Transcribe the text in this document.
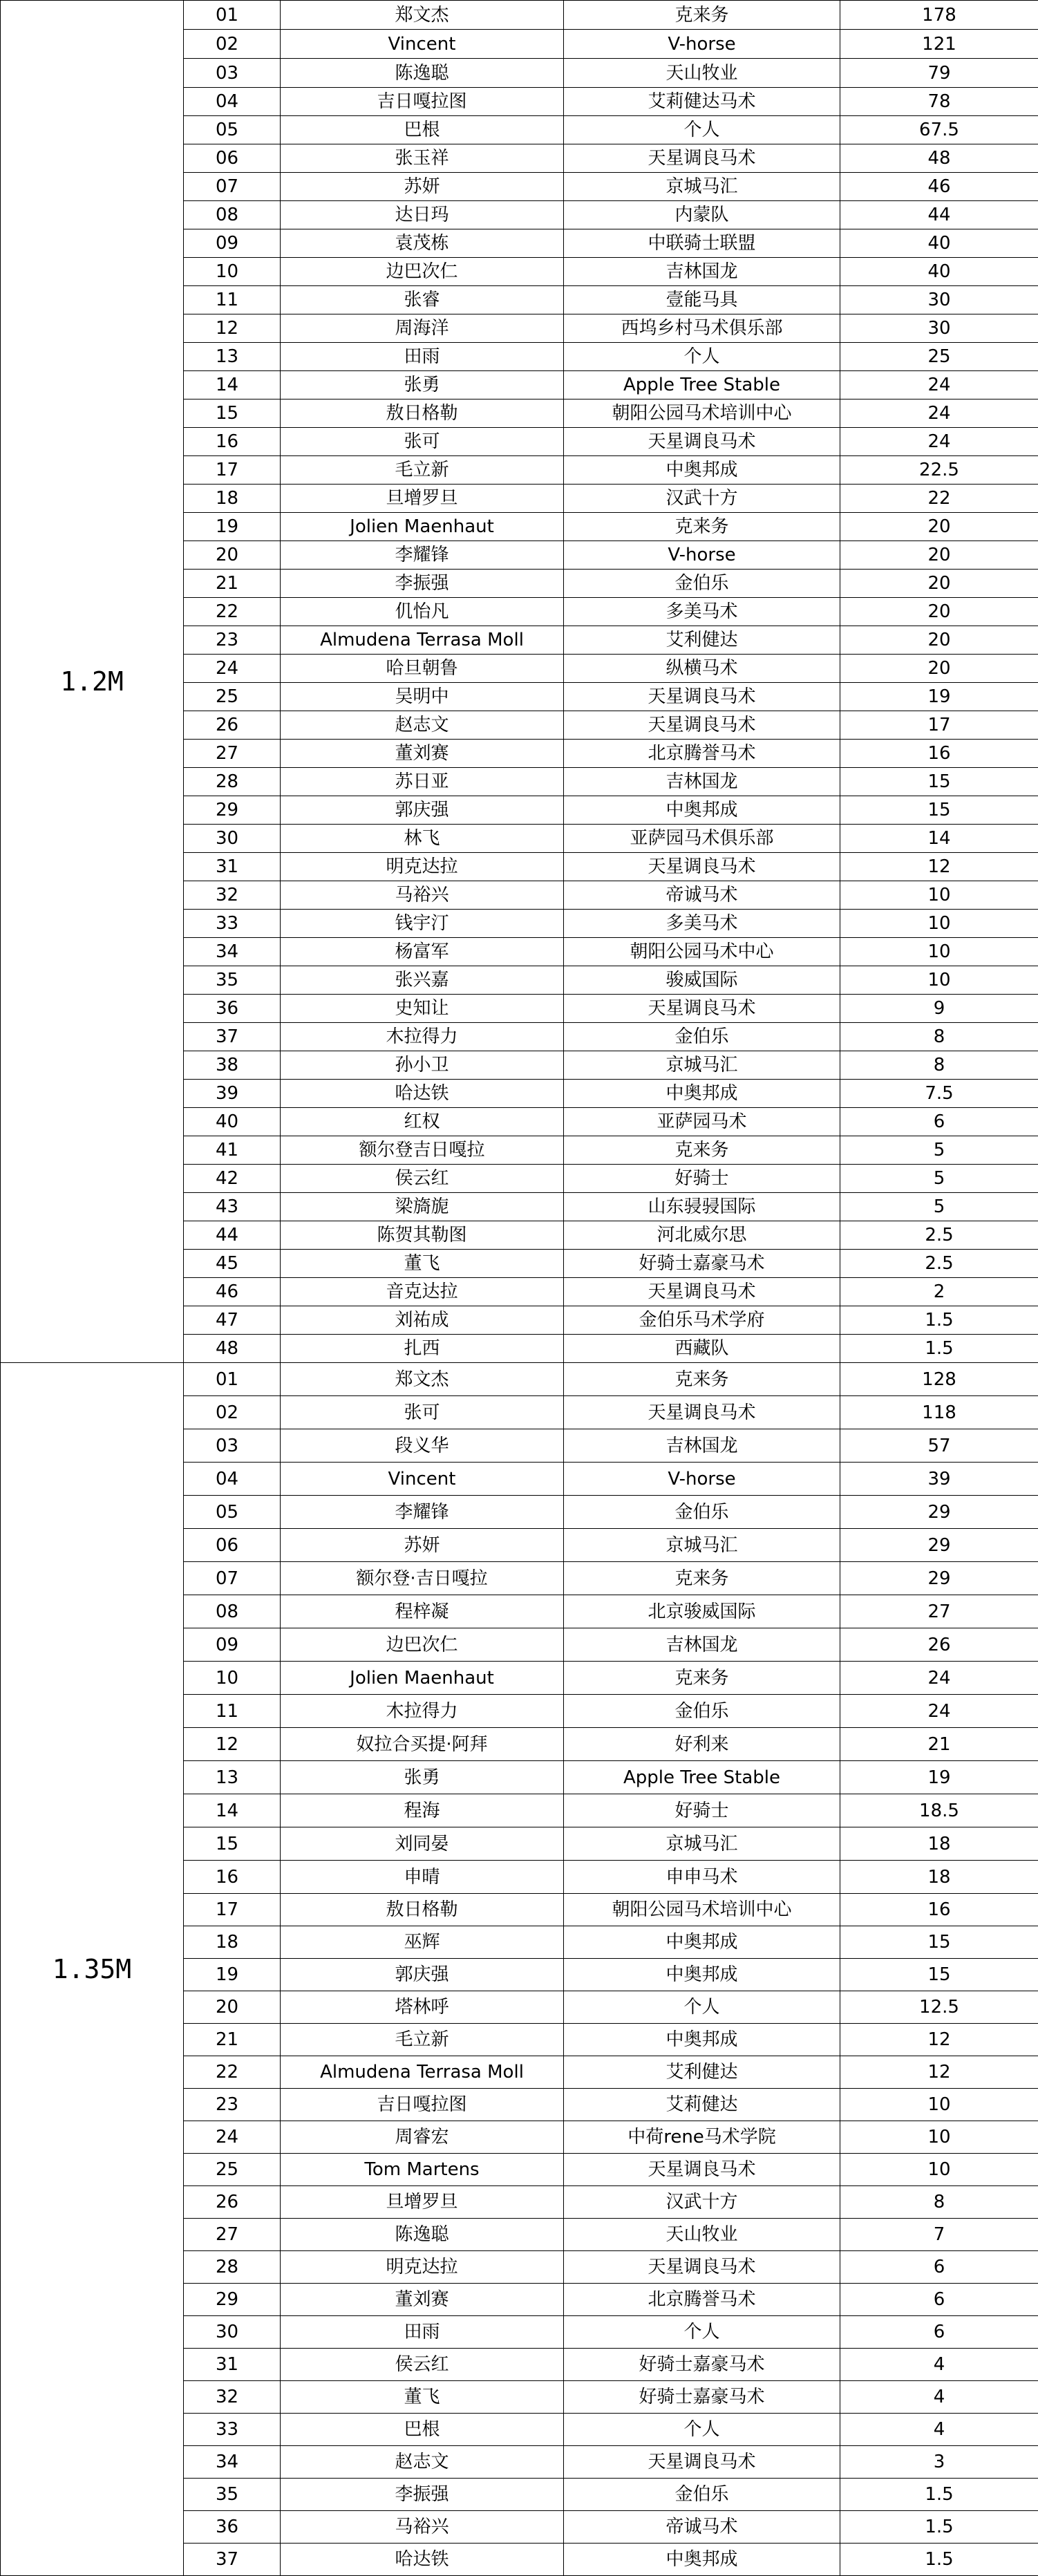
1.2M	01	郑文杰	克来务	178
	02	Vincent	V-horse	121
	03	陈逸聪	天山牧业	79
	04	吉日嘎拉图	艾莉健达马术	78
	05	巴根	个人	67.5
	06	张玉祥	天星调良马术	48
	07	苏妍	京城马汇	46
	08	达日玛	内蒙队	44
	09	袁茂栋	中联骑士联盟	40
	10	边巴次仁	吉林国龙	40
	11	张睿	壹能马具	30
	12	周海洋	西坞乡村马术俱乐部	30
	13	田雨	个人	25
	14	张勇	Apple Tree Stable	24
	15	敖日格勒	朝阳公园马术培训中心	24
	16	张可	天星调良马术	24
	17	毛立新	中奥邦成	22.5
	18	旦增罗旦	汉武十方	22
	19	Jolien Maenhaut	克来务	20
	20	李耀锋	V-horse	20
	21	李振强	金伯乐	20
	22	仉怡凡	多美马术	20
	23	Almudena Terrasa Moll	艾利健达	20
	24	哈旦朝鲁	纵横马术	20
	25	吴明中	天星调良马术	19
	26	赵志文	天星调良马术	17
	27	董刘赛	北京腾誉马术	16
	28	苏日亚	吉林国龙	15
	29	郭庆强	中奥邦成	15
	30	林飞	亚萨园马术俱乐部	14
	31	明克达拉	天星调良马术	12
	32	马裕兴	帝诚马术	10
	33	钱宇汀	多美马术	10
	34	杨富军	朝阳公园马术中心	10
	35	张兴嘉	骏威国际	10
	36	史知让	天星调良马术	9
	37	木拉得力	金伯乐	8
	38	孙小卫	京城马汇	8
	39	哈达铁	中奥邦成	7.5
	40	红权	亚萨园马术	6
	41	额尔登吉日嘎拉	克来务	5
	42	侯云红	好骑士	5
	43	梁旖旎	山东骎骎国际	5
	44	陈贺其勒图	河北威尔思	2.5
	45	董飞	好骑士嘉豪马术	2.5
	46	音克达拉	天星调良马术	2
	47	刘祐成	金伯乐马术学府	1.5
	48	扎西	西藏队	1.5
1.35M	01	郑文杰	克来务	128
	02	张可	天星调良马术	118
	03	段义华	吉林国龙	57
	04	Vincent	V-horse	39
	05	李耀锋	金伯乐	29
	06	苏妍	京城马汇	29
	07	额尔登·吉日嘎拉	克来务	29
	08	程梓凝	北京骏威国际	27
	09	边巴次仁	吉林国龙	26
	10	Jolien Maenhaut	克来务	24
	11	木拉得力	金伯乐	24
	12	奴拉合买提·阿拜	好利来	21
	13	张勇	Apple Tree Stable	19
	14	程海	好骑士	18.5
	15	刘同晏	京城马汇	18
	16	申晴	申申马术	18
	17	敖日格勒	朝阳公园马术培训中心	16
	18	巫辉	中奥邦成	15
	19	郭庆强	中奥邦成	15
	20	塔林呼	个人	12.5
	21	毛立新	中奥邦成	12
	22	Almudena Terrasa Moll	艾利健达	12
	23	吉日嘎拉图	艾莉健达	10
	24	周睿宏	中荷rene马术学院	10
	25	Tom Martens	天星调良马术	10
	26	旦增罗旦	汉武十方	8
	27	陈逸聪	天山牧业	7
	28	明克达拉	天星调良马术	6
	29	董刘赛	北京腾誉马术	6
	30	田雨	个人	6
	31	侯云红	好骑士嘉豪马术	4
	32	董飞	好骑士嘉豪马术	4
	33	巴根	个人	4
	34	赵志文	天星调良马术	3
	35	李振强	金伯乐	1.5
	36	马裕兴	帝诚马术	1.5
	37	哈达铁	中奥邦成	1.5
